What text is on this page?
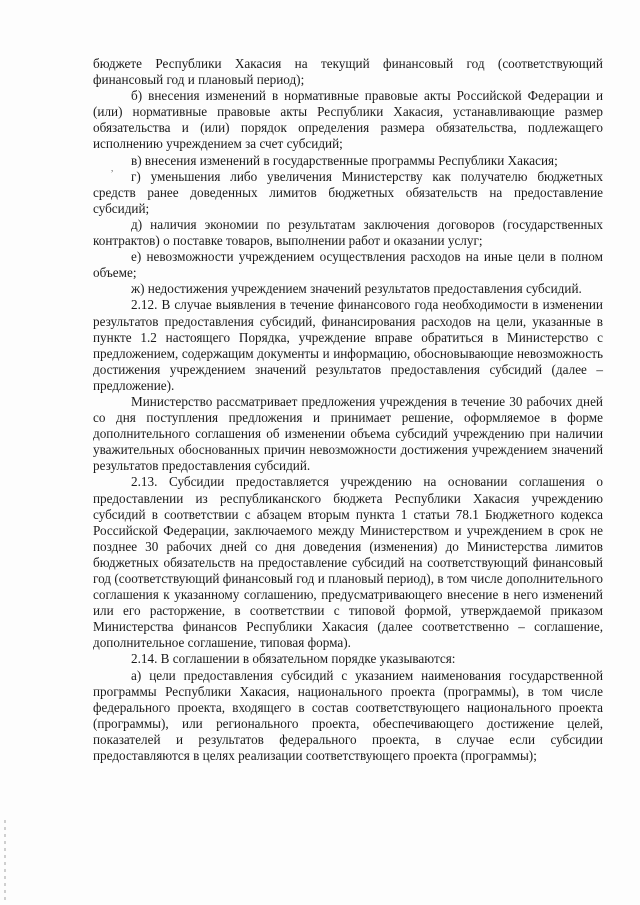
бюджете Республики Хакасия на текущий финансовый год (соответствующий финансовый год и плановый период);

б) внесения изменений в нормативные правовые акты Российской Федерации и (или) нормативные правовые акты Республики Хакасия, устанавливающие размер обязательства и (или) порядок определения размера обязательства, подлежащего исполнению учреждением за счет субсидий;

в) внесения изменений в государственные программы Республики Хакасия;

г) уменьшения либо увеличения Министерству как получателю бюджетных средств ранее доведенных лимитов бюджетных обязательств на предоставление субсидий;

д) наличия экономии по результатам заключения договоров (государственных контрактов) о поставке товаров, выполнении работ и оказании услуг;

е) невозможности учреждением осуществления расходов на иные цели в полном объеме;

ж) недостижения учреждением значений результатов предоставления субсидий.

2.12. В случае выявления в течение финансового года необходимости в изменении результатов предоставления субсидий, финансирования расходов на цели, указанные в пункте 1.2 настоящего Порядка, учреждение вправе обратиться в Министерство с предложением, содержащим документы и информацию, обосновывающие невозможность достижения учреждением значений результатов предоставления субсидий (далее – предложение).

Министерство рассматривает предложения учреждения в течение 30 рабочих дней со дня поступления предложения и принимает решение, оформляемое в форме дополнительного соглашения об изменении объема субсидий учреждению при наличии уважительных обоснованных причин невозможности достижения учреждением значений результатов предоставления субсидий.

2.13. Субсидии предоставляется учреждению на основании соглашения о предоставлении из республиканского бюджета Республики Хакасия учреждению субсидий в соответствии с абзацем вторым пункта 1 статьи 78.1 Бюджетного кодекса Российской Федерации, заключаемого между Министерством и учреждением в срок не позднее 30 рабочих дней со дня доведения (изменения) до Министерства лимитов бюджетных обязательств на предоставление субсидий на соответствующий финансовый год (соответствующий финансовый год и плановый период), в том числе дополнительного соглашения к указанному соглашению, предусматривающего внесение в него изменений или его расторжение, в соответствии с типовой формой, утверждаемой приказом Министерства финансов Республики Хакасия (далее соответственно – соглашение, дополнительное соглашение, типовая форма).

2.14. В соглашении в обязательном порядке указываются:

а) цели предоставления субсидий с указанием наименования государственной программы Республики Хакасия, национального проекта (программы), в том числе федерального проекта, входящего в состав соответствующего национального проекта (программы), или регионального проекта, обеспечивающего достижение целей, показателей и результатов федерального проекта, в случае если субсидии предоставляются в целях реализации соответствующего проекта (программы);

,
